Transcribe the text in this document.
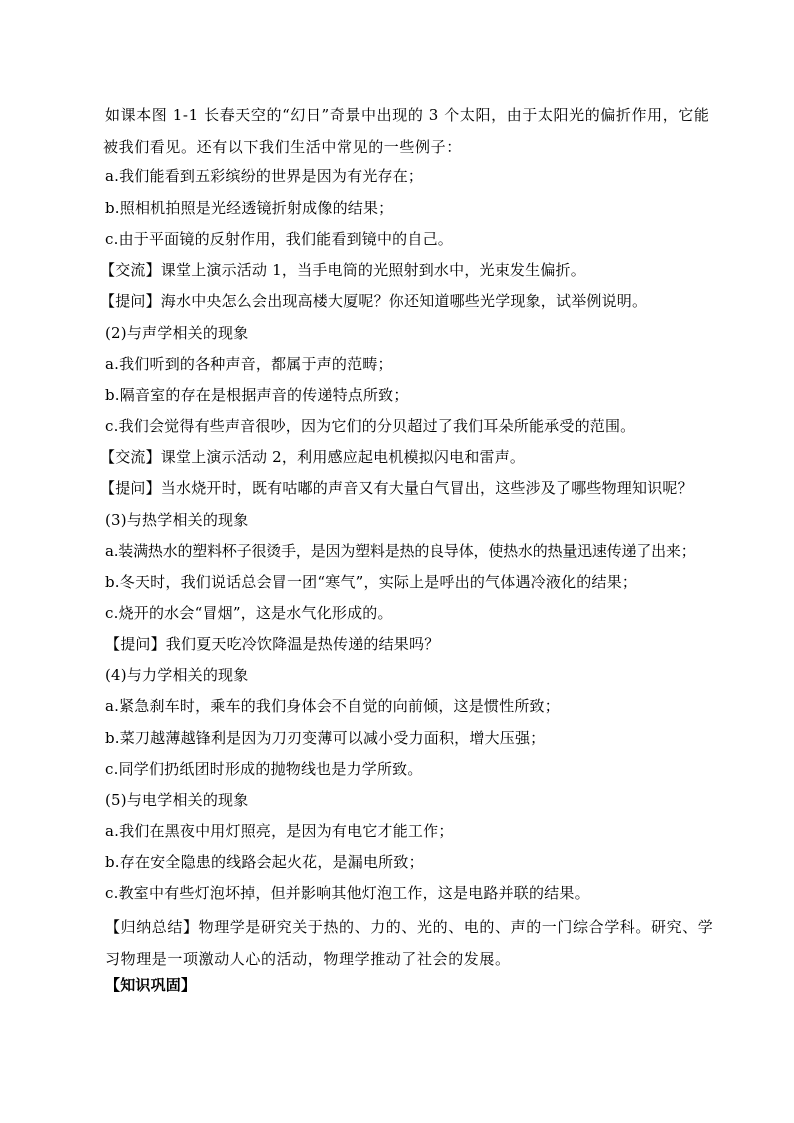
如课本图 1-1 长春天空的“幻日”奇景中出现的 3 个太阳，由于太阳光的偏折作用，它能
被我们看见。还有以下我们生活中常见的一些例子：
a.我们能看到五彩缤纷的世界是因为有光存在；
b.照相机拍照是光经透镜折射成像的结果；
c.由于平面镜的反射作用，我们能看到镜中的自己。
【交流】课堂上演示活动 1，当手电筒的光照射到水中，光束发生偏折。
【提问】海水中央怎么会出现高楼大厦呢？你还知道哪些光学现象，试举例说明。
(2)与声学相关的现象
a.我们听到的各种声音，都属于声的范畴；
b.隔音室的存在是根据声音的传递特点所致；
c.我们会觉得有些声音很吵，因为它们的分贝超过了我们耳朵所能承受的范围。
【交流】课堂上演示活动 2，利用感应起电机模拟闪电和雷声。
【提问】当水烧开时，既有咕嘟的声音又有大量白气冒出，这些涉及了哪些物理知识呢？
(3)与热学相关的现象
a.装满热水的塑料杯子很烫手，是因为塑料是热的良导体，使热水的热量迅速传递了出来；
b.冬天时，我们说话总会冒一团“寒气”，实际上是呼出的气体遇冷液化的结果；
c.烧开的水会“冒烟”，这是水气化形成的。
【提问】我们夏天吃冷饮降温是热传递的结果吗？
(4)与力学相关的现象
a.紧急刹车时，乘车的我们身体会不自觉的向前倾，这是惯性所致；
b.菜刀越薄越锋利是因为刀刃变薄可以减小受力面积，增大压强；
c.同学们扔纸团时形成的抛物线也是力学所致。
(5)与电学相关的现象
a.我们在黑夜中用灯照亮，是因为有电它才能工作；
b.存在安全隐患的线路会起火花，是漏电所致；
c.教室中有些灯泡坏掉，但并影响其他灯泡工作，这是电路并联的结果。
【归纳总结】物理学是研究关于热的、力的、光的、电的、声的一门综合学科。研究、学
习物理是一项激动人心的活动，物理学推动了社会的发展。
【知识巩固】
